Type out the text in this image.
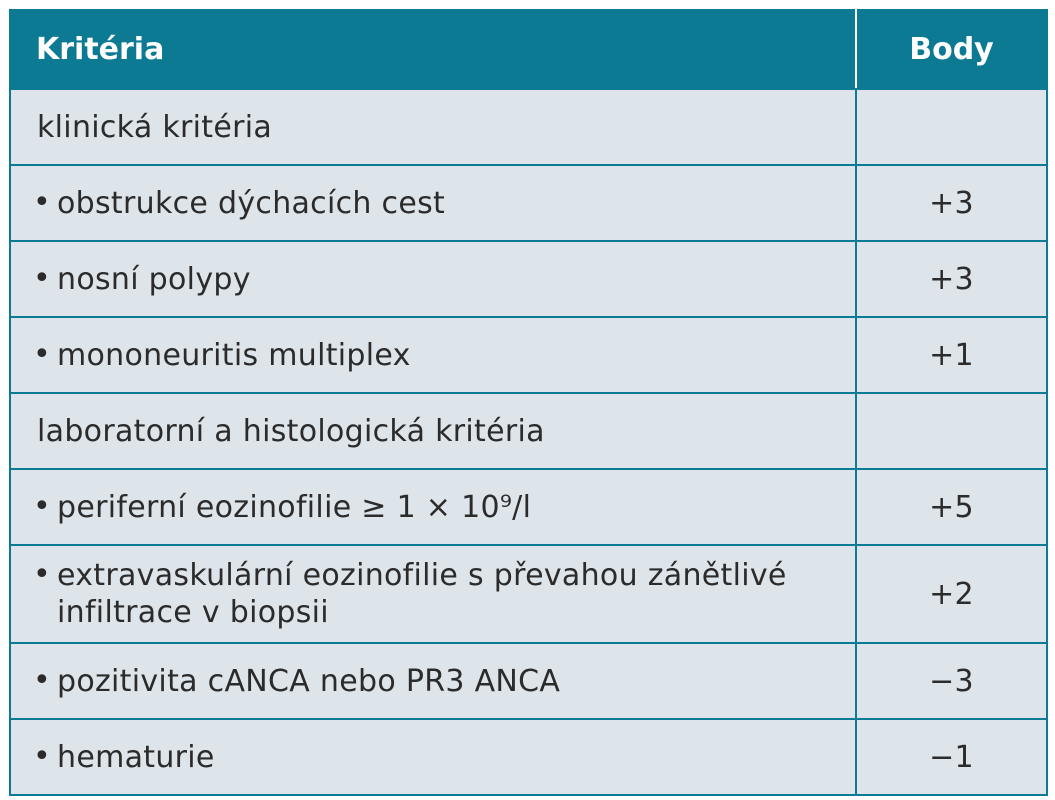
Kritéria	Body
klinická kritéria	
• obstrukce dýchacích cest	+3
• nosní polypy	+3
• mononeuritis multiplex	+1
laboratorní a histologická kritéria	
• periferní eozinofilie ≥ 1 × 10⁹/l	+5
• extravaskulární eozinofilie s převahou zánětlivé infiltrace v biopsii	+2
• pozitivita cANCA nebo PR3 ANCA	−3
• hematurie	−1
